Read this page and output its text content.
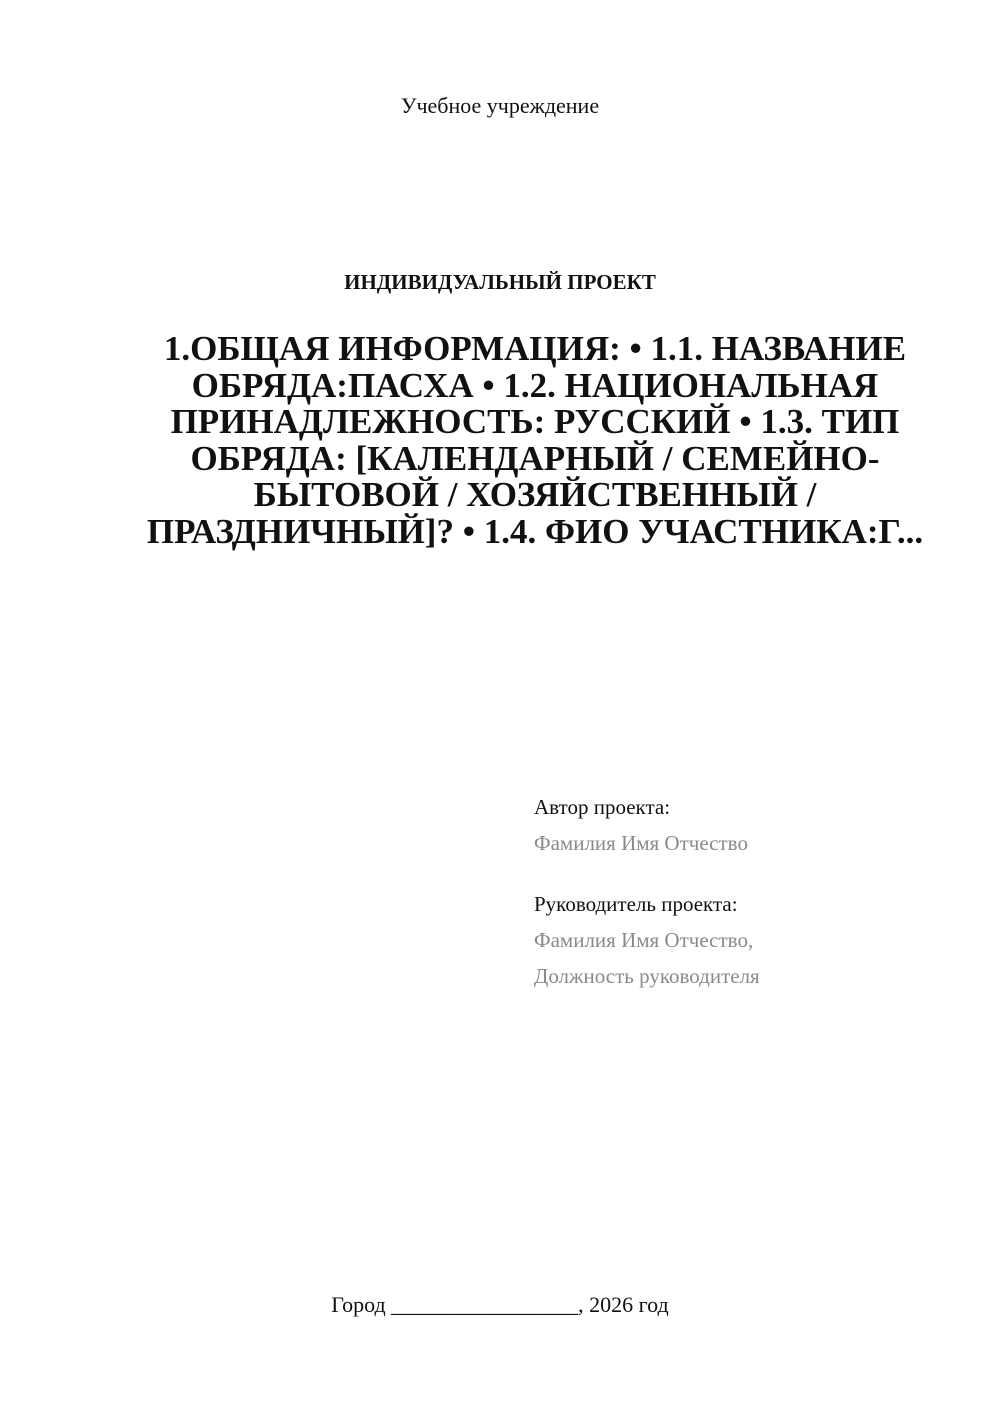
Учебное учреждение
ИНДИВИДУАЛЬНЫЙ ПРОЕКТ
1.ОБЩАЯ ИНФОРМАЦИЯ: • 1.1. НАЗВАНИЕ ОБРЯДА:ПАСХА • 1.2. НАЦИОНАЛЬНАЯ ПРИНАДЛЕЖНОСТЬ: РУССКИЙ • 1.3. ТИП ОБРЯДА: [КАЛЕНДАРНЫЙ / СЕМЕЙНО-БЫТОВОЙ / ХОЗЯЙСТВЕННЫЙ / ПРАЗДНИЧНЫЙ]? • 1.4. ФИО УЧАСТНИКА:Г...
Автор проекта:
Фамилия Имя Отчество
Руководитель проекта:
Фамилия Имя Отчество,
Должность руководителя
Город _________________, 2026 год
